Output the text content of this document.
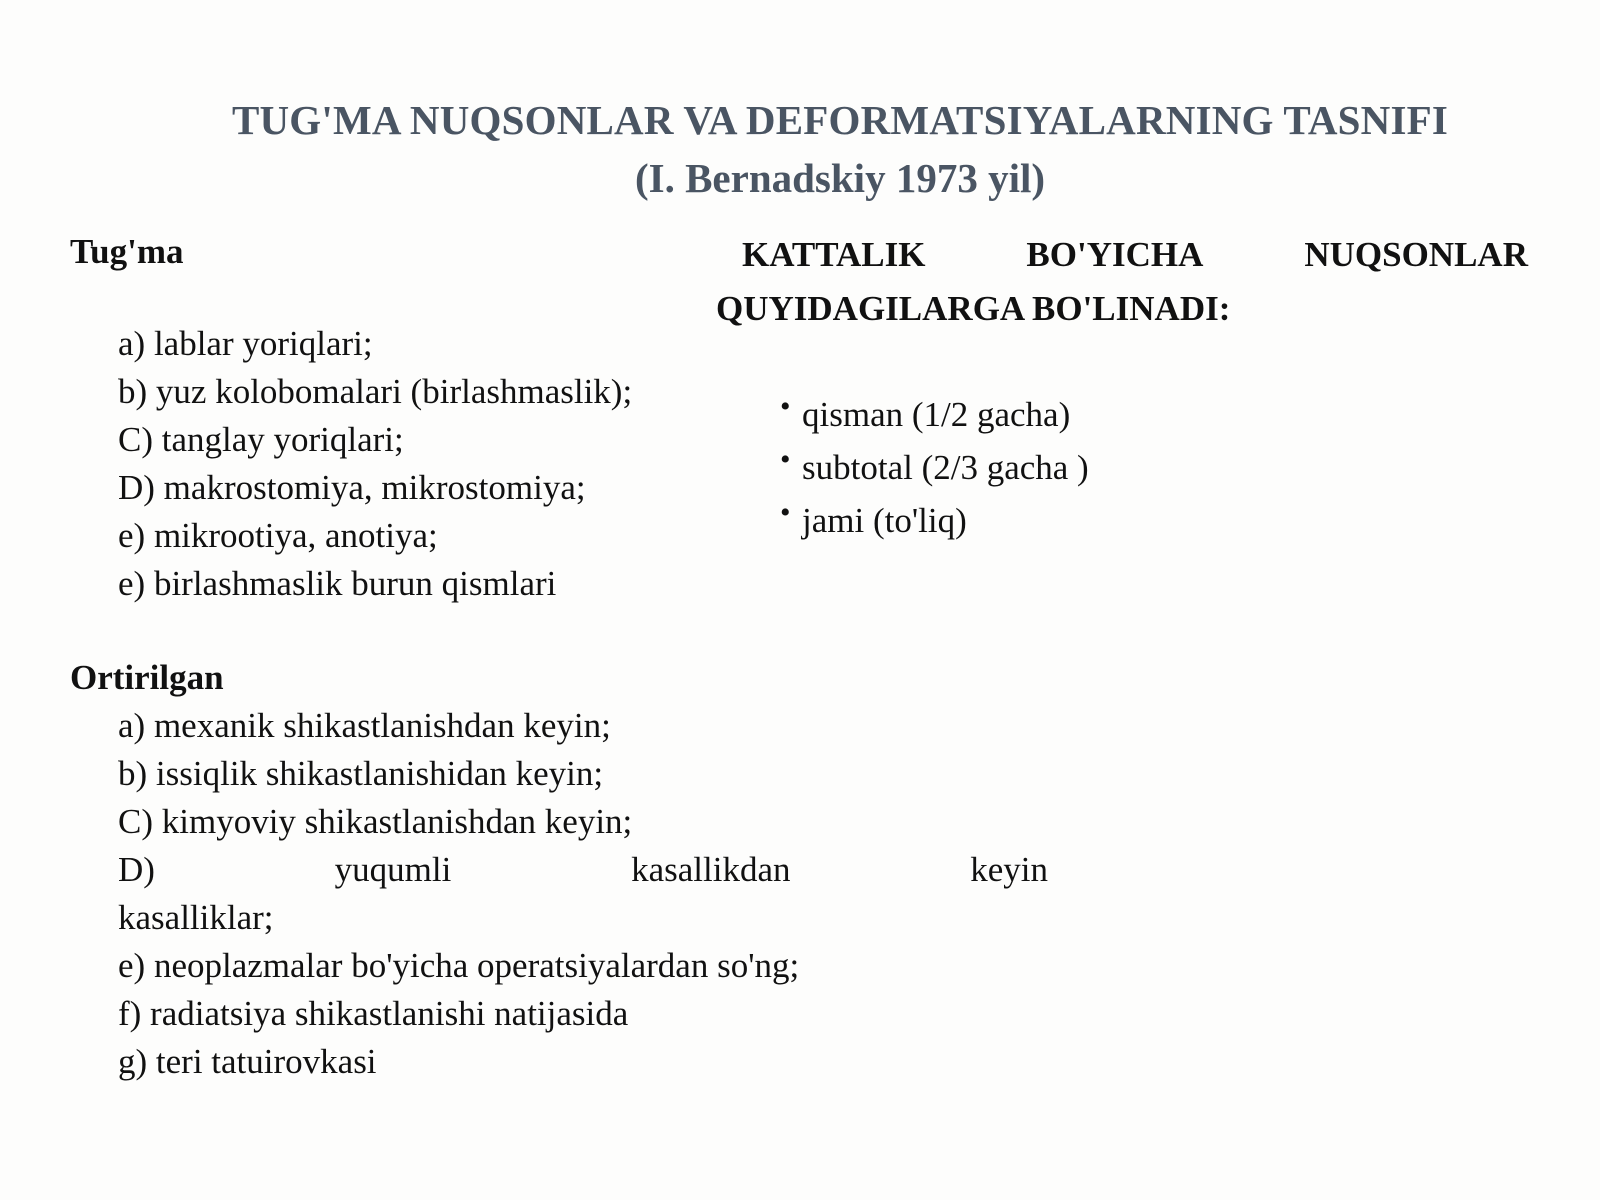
TUG'MA NUQSONLAR VA DEFORMATSIYALARNING TASNIFI
(I. Bernadskiy 1973 yil)
Tug'ma
a) lablar yoriqlari;
b) yuz kolobomalari (birlashmaslik);
C) tanglay yoriqlari;
D) makrostomiya, mikrostomiya;
e) mikrootiya, anotiya;
e) birlashmaslik burun qismlari
Ortirilgan
a) mexanik shikastlanishdan keyin;
b) issiqlik shikastlanishidan keyin;
C) kimyoviy shikastlanishdan keyin;
D)	yuqumli	kasallikdan	keyin
kasalliklar;
e) neoplazmalar bo'yicha operatsiyalardan so'ng;
f) radiatsiya shikastlanishi natijasida
g) teri tatuirovkasi
KATTALIK	BO'YICHA	NUQSONLAR
QUYIDAGILARGA BO'LINADI:
• qisman (1/2 gacha)
• subtotal (2/3 gacha )
• jami (to'liq)
